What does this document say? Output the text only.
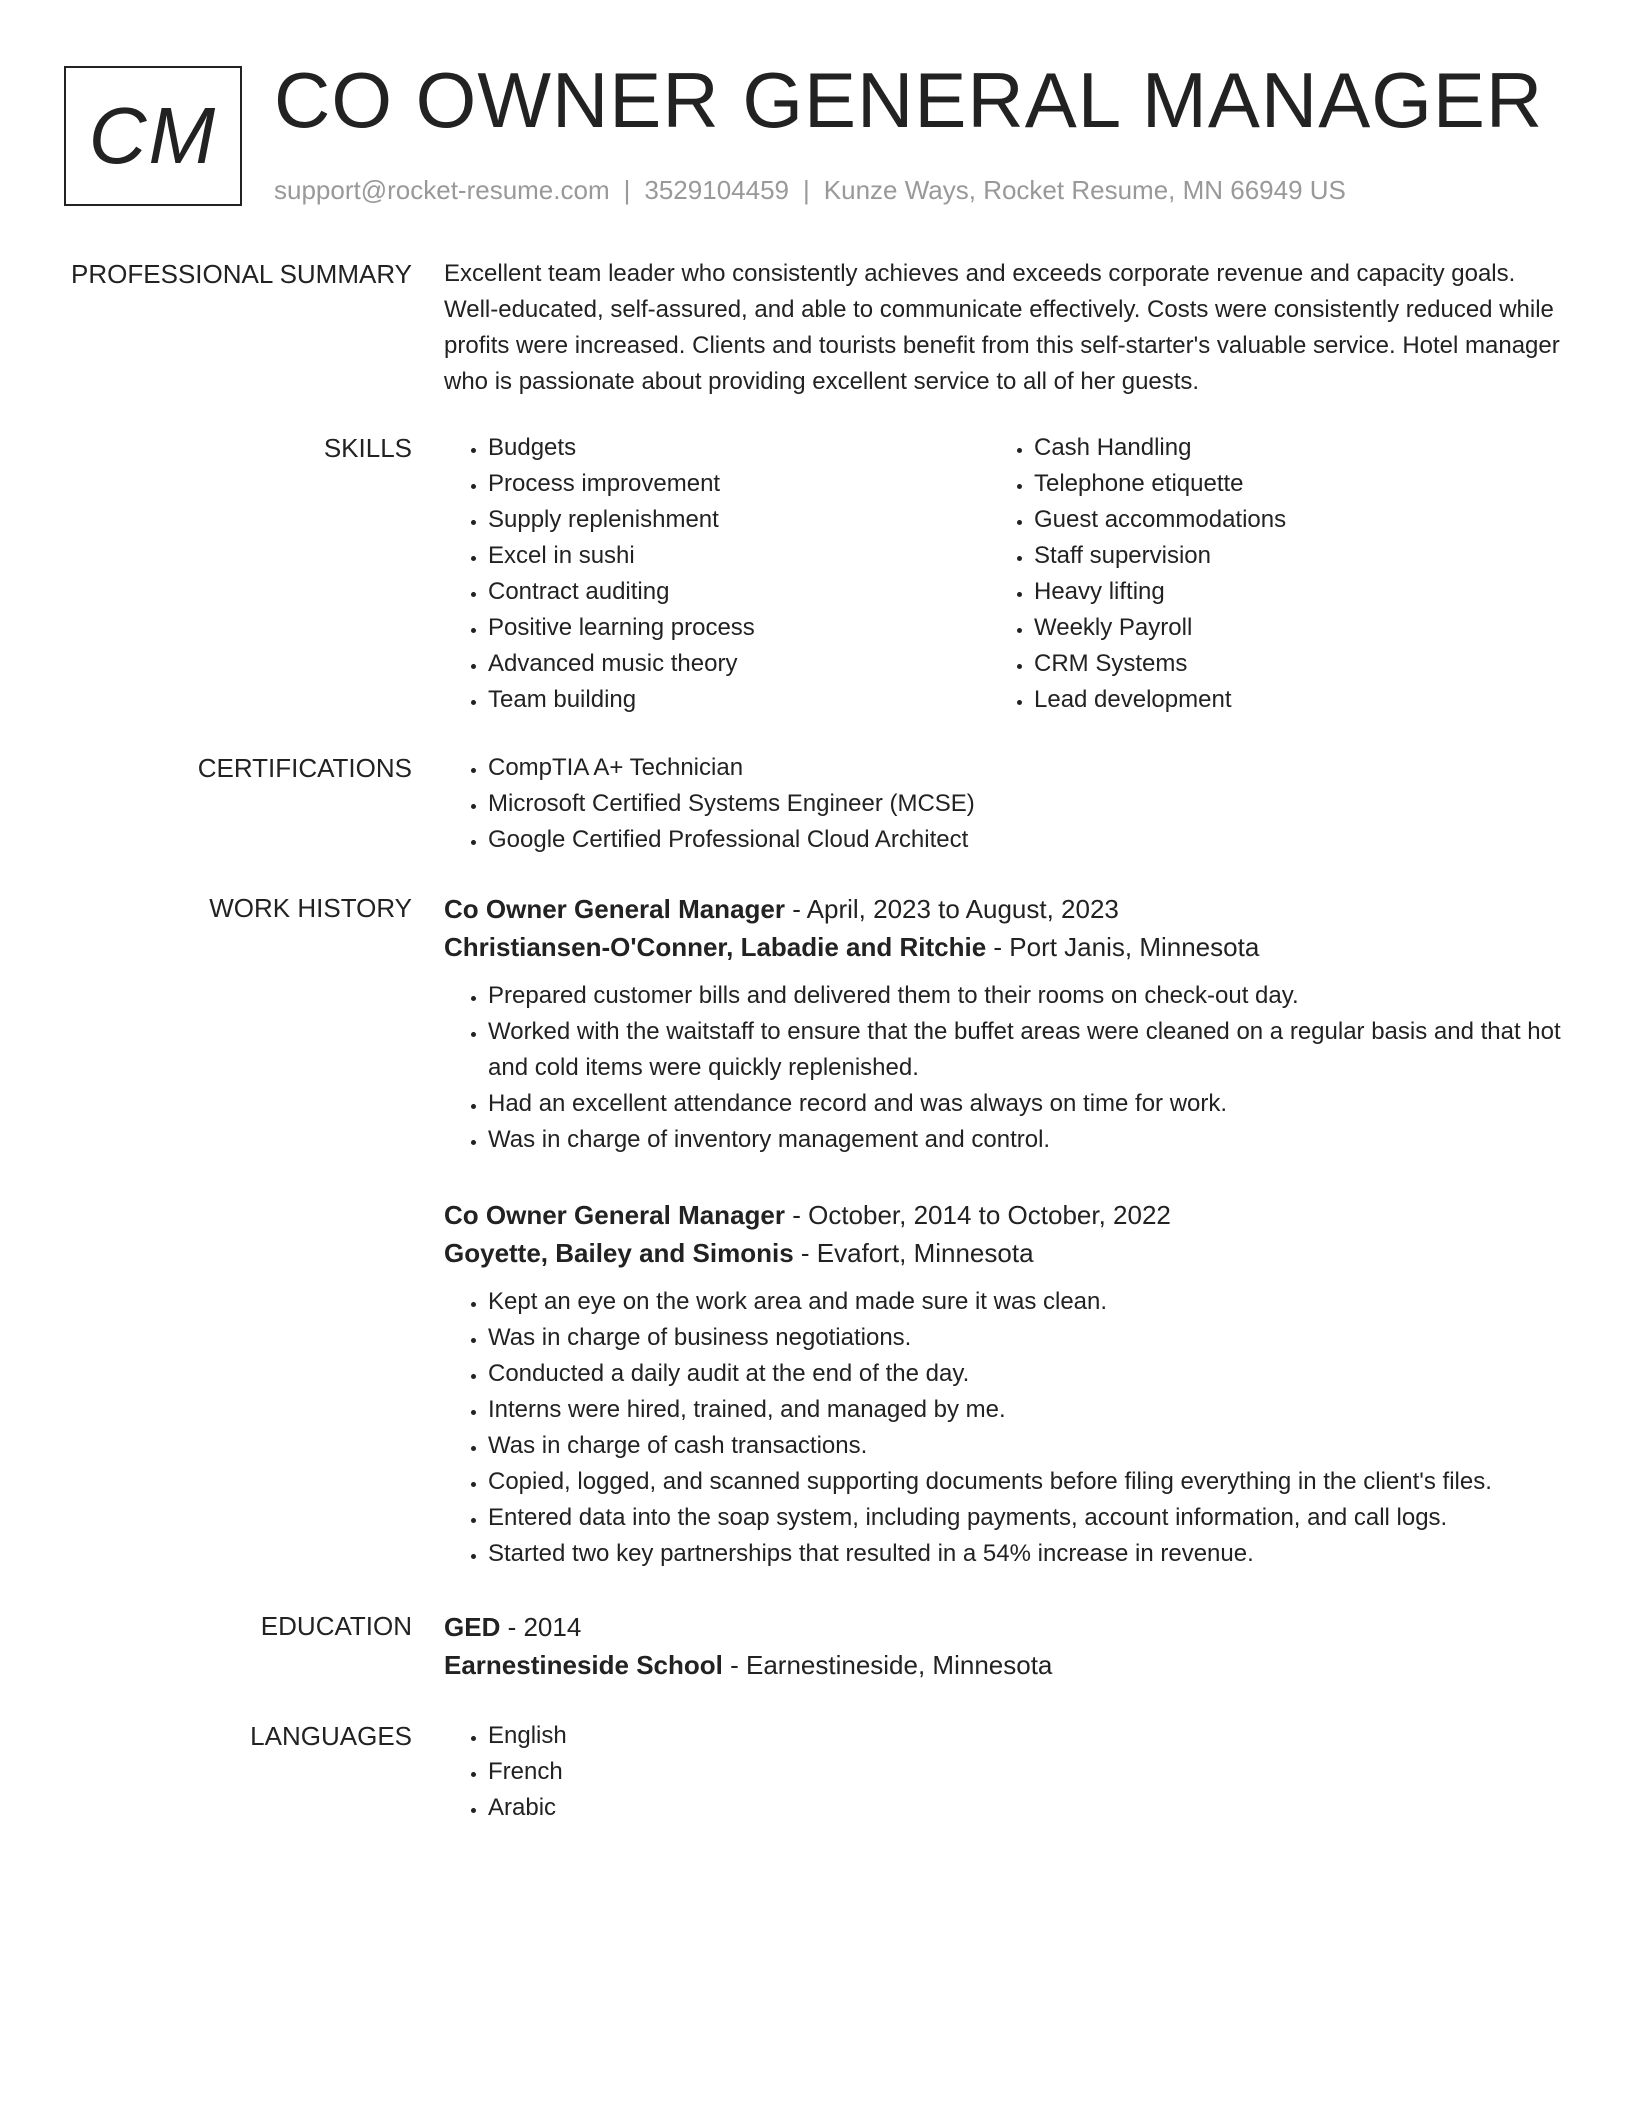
CM CO OWNER GENERAL MANAGER
support@rocket-resume.com | 3529104459 | Kunze Ways, Rocket Resume, MN 66949 US
PROFESSIONAL SUMMARY Excellent team leader who consistently achieves and exceeds corporate revenue and capacity goals. Well-educated, self-assured, and able to communicate effectively. Costs were consistently reduced while profits were increased. Clients and tourists benefit from this self-starter's valuable service. Hotel manager who is passionate about providing excellent service to all of her guests.

SKILLS	• Budgets
• Process improvement
• Supply replenishment
• Excel in sushi
• Contract auditing
• Positive learning process
• Advanced music theory
• Team building
• Cash Handling
• Telephone etiquette
• Guest accommodations
• Staff supervision
• Heavy lifting
• Weekly Payroll
• CRM Systems
• Lead development
CERTIFICATIONS	• CompTIA A+ Technician
• Microsoft Certified Systems Engineer (MCSE)
• Google Certified Professional Cloud Architect
WORK HISTORY Co Owner General Manager - April, 2023 to August, 2023
Christiansen-O'Conner, Labadie and Ritchie - Port Janis, Minnesota
• Prepared customer bills and delivered them to their rooms on check-out day.
• Worked with the waitstaff to ensure that the buffet areas were cleaned on a regular basis and that hot and cold items were quickly replenished.
• Had an excellent attendance record and was always on time for work.
• Was in charge of inventory management and control.
Co Owner General Manager - October, 2014 to October, 2022
Goyette, Bailey and Simonis - Evafort, Minnesota
• Kept an eye on the work area and made sure it was clean.
• Was in charge of business negotiations.
• Conducted a daily audit at the end of the day.
• Interns were hired, trained, and managed by me.
• Was in charge of cash transactions.
• Copied, logged, and scanned supporting documents before filing everything in the client's files.
• Entered data into the soap system, including payments, account information, and call logs.
• Started two key partnerships that resulted in a 54% increase in revenue.
EDUCATION GED - 2014
Earnestineside School - Earnestineside, Minnesota
LANGUAGES	• English
• French
• Arabic
